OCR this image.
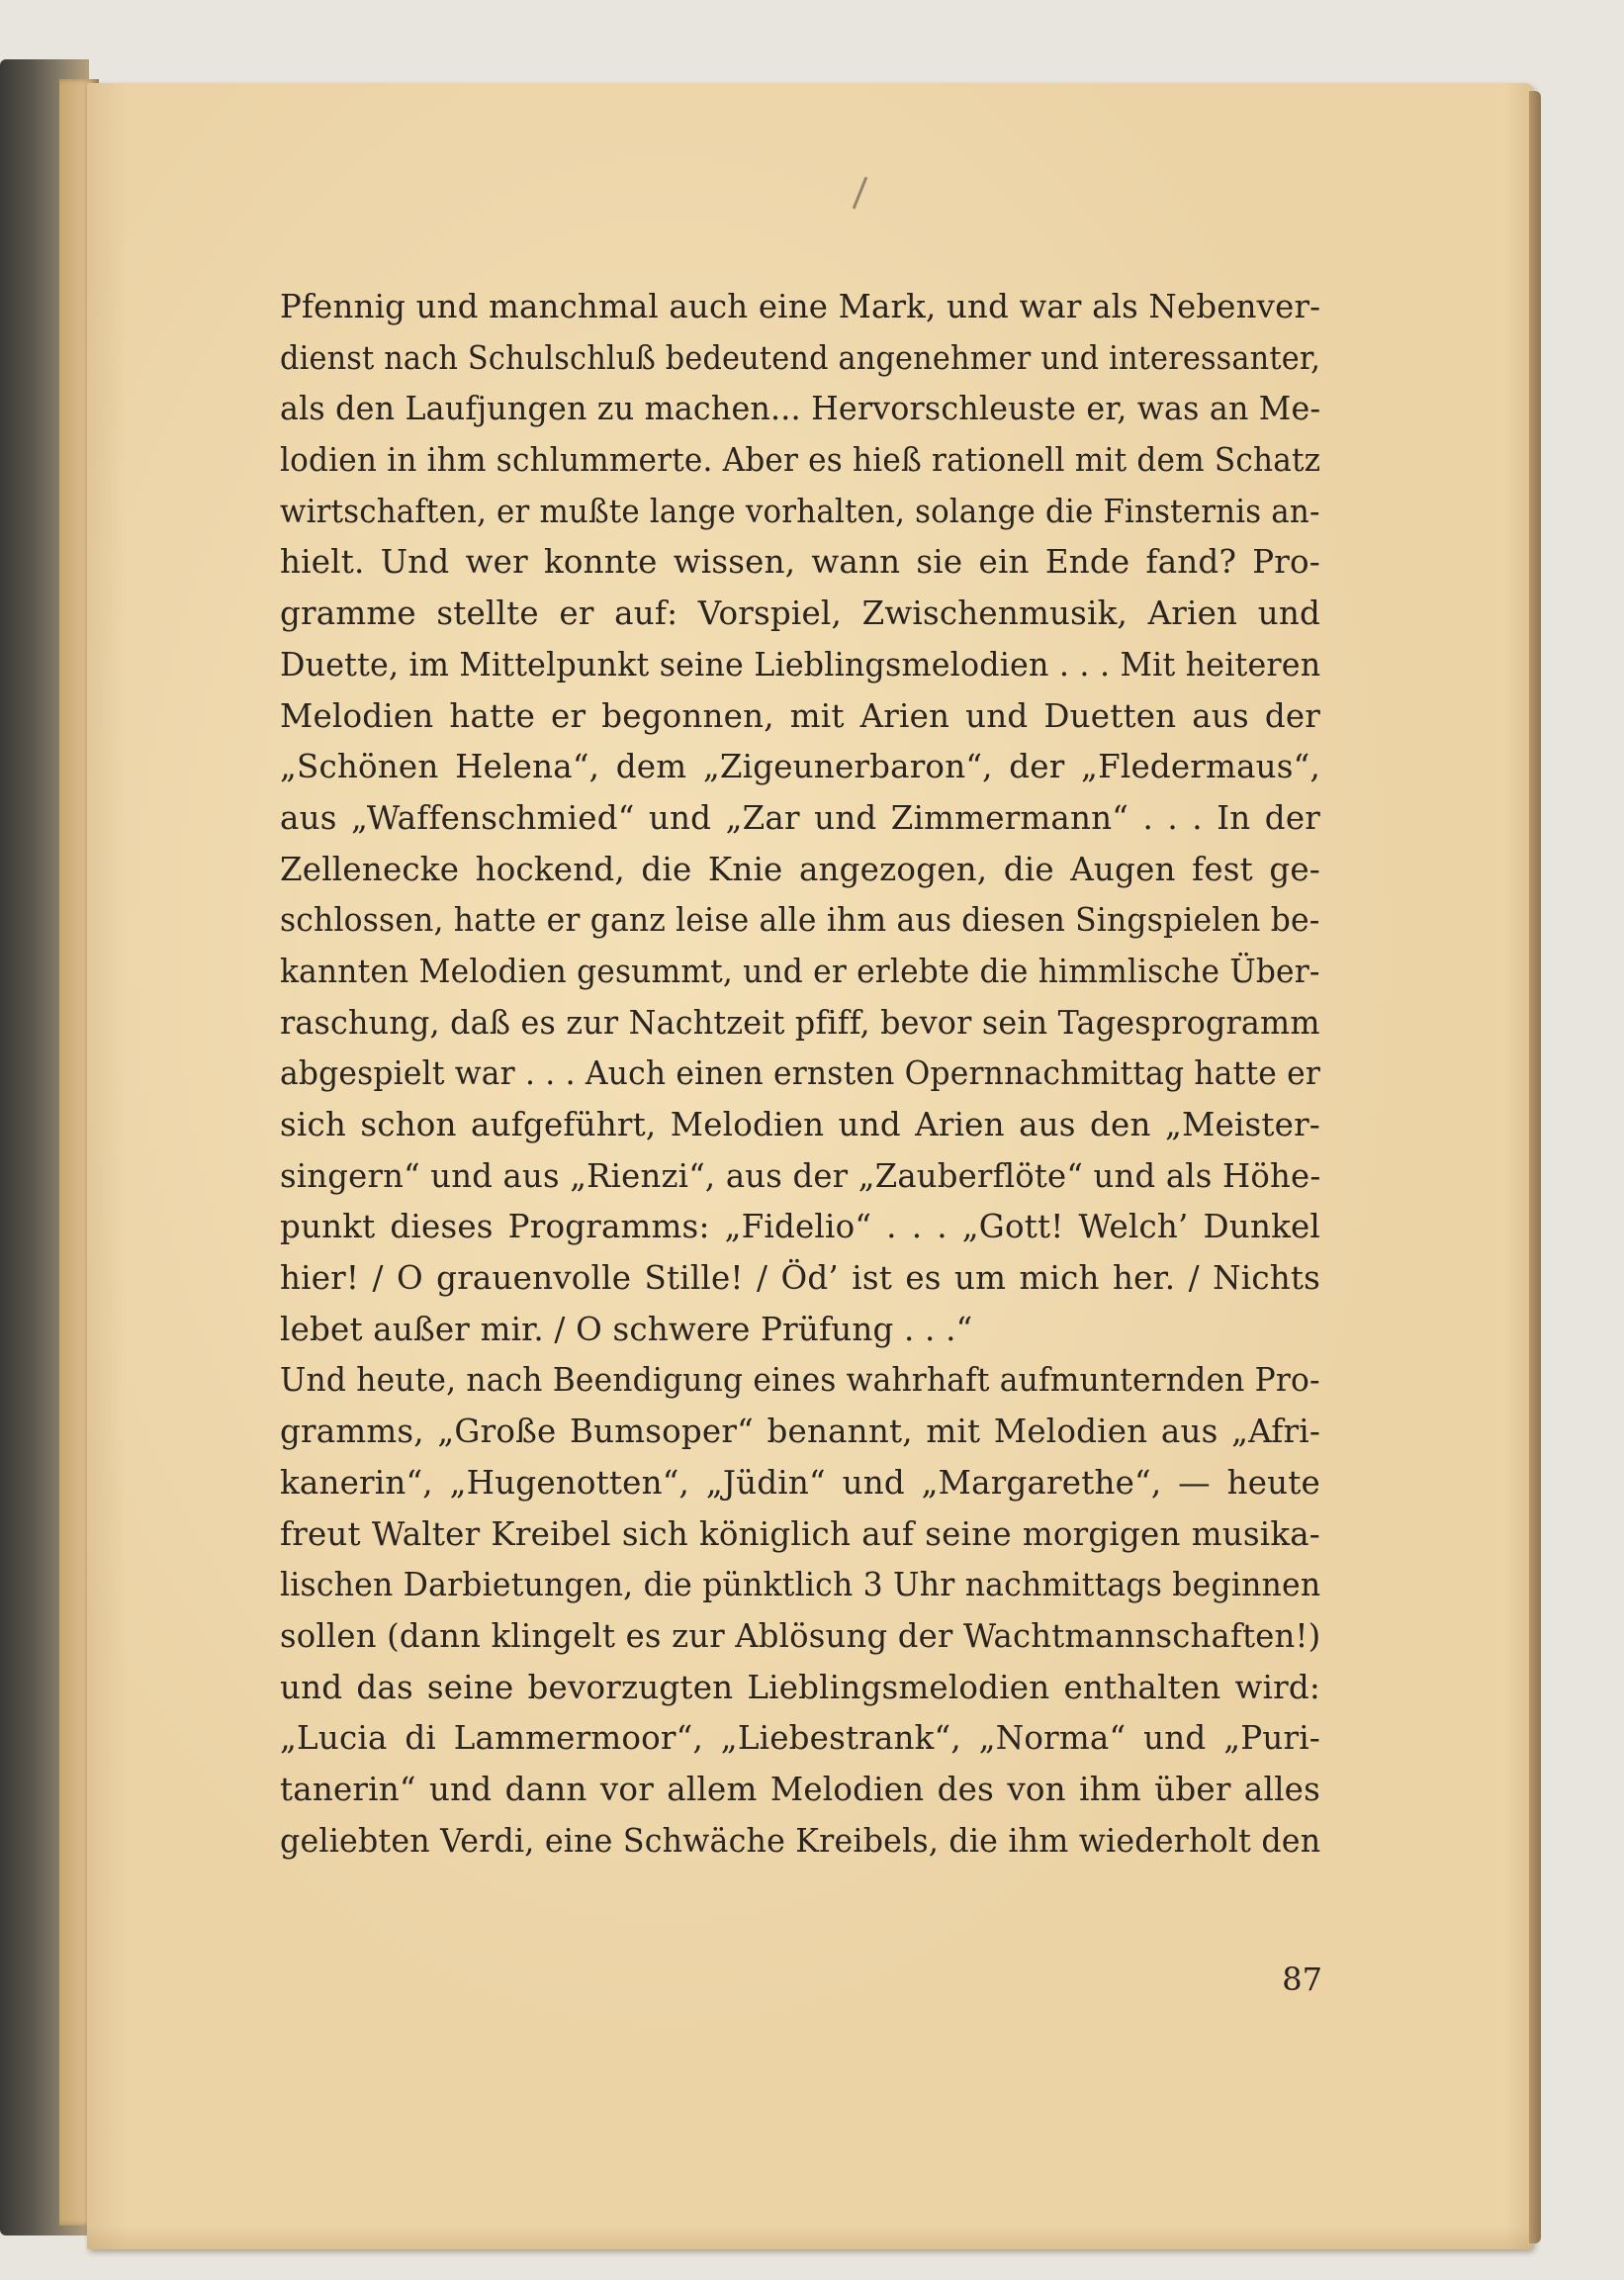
Pfennig und manchmal auch eine Mark, und war als Nebenver-
dienst nach Schulschluß bedeutend angenehmer und interessanter,
als den Laufjungen zu machen... Hervorschleuste er, was an Me-
lodien in ihm schlummerte. Aber es hieß rationell mit dem Schatz
wirtschaften, er mußte lange vorhalten, solange die Finsternis an-
hielt. Und wer konnte wissen, wann sie ein Ende fand? Pro-
gramme stellte er auf: Vorspiel, Zwischenmusik, Arien und
Duette, im Mittelpunkt seine Lieblingsmelodien . . . Mit heiteren
Melodien hatte er begonnen, mit Arien und Duetten aus der
„Schönen Helena“, dem „Zigeunerbaron“, der „Fledermaus“,
aus „Waffenschmied“ und „Zar und Zimmermann“ . . . In der
Zellenecke hockend, die Knie angezogen, die Augen fest ge-
schlossen, hatte er ganz leise alle ihm aus diesen Singspielen be-
kannten Melodien gesummt, und er erlebte die himmlische Über-
raschung, daß es zur Nachtzeit pfiff, bevor sein Tagesprogramm
abgespielt war . . . Auch einen ernsten Opernnachmittag hatte er
sich schon aufgeführt, Melodien und Arien aus den „Meister-
singern“ und aus „Rienzi“, aus der „Zauberflöte“ und als Höhe-
punkt dieses Programms: „Fidelio“ . . . „Gott! Welch’ Dunkel
hier! / O grauenvolle Stille! / Öd’ ist es um mich her. / Nichts
lebet außer mir. / O schwere Prüfung . . .“
Und heute, nach Beendigung eines wahrhaft aufmunternden Pro-
gramms, „Große Bumsoper“ benannt, mit Melodien aus „Afri-
kanerin“, „Hugenotten“, „Jüdin“ und „Margarethe“, — heute
freut Walter Kreibel sich königlich auf seine morgigen musika-
lischen Darbietungen, die pünktlich 3 Uhr nachmittags beginnen
sollen (dann klingelt es zur Ablösung der Wachtmannschaften!)
und das seine bevorzugten Lieblingsmelodien enthalten wird:
„Lucia di Lammermoor“, „Liebestrank“, „Norma“ und „Puri-
tanerin“ und dann vor allem Melodien des von ihm über alles
geliebten Verdi, eine Schwäche Kreibels, die ihm wiederholt den
87
